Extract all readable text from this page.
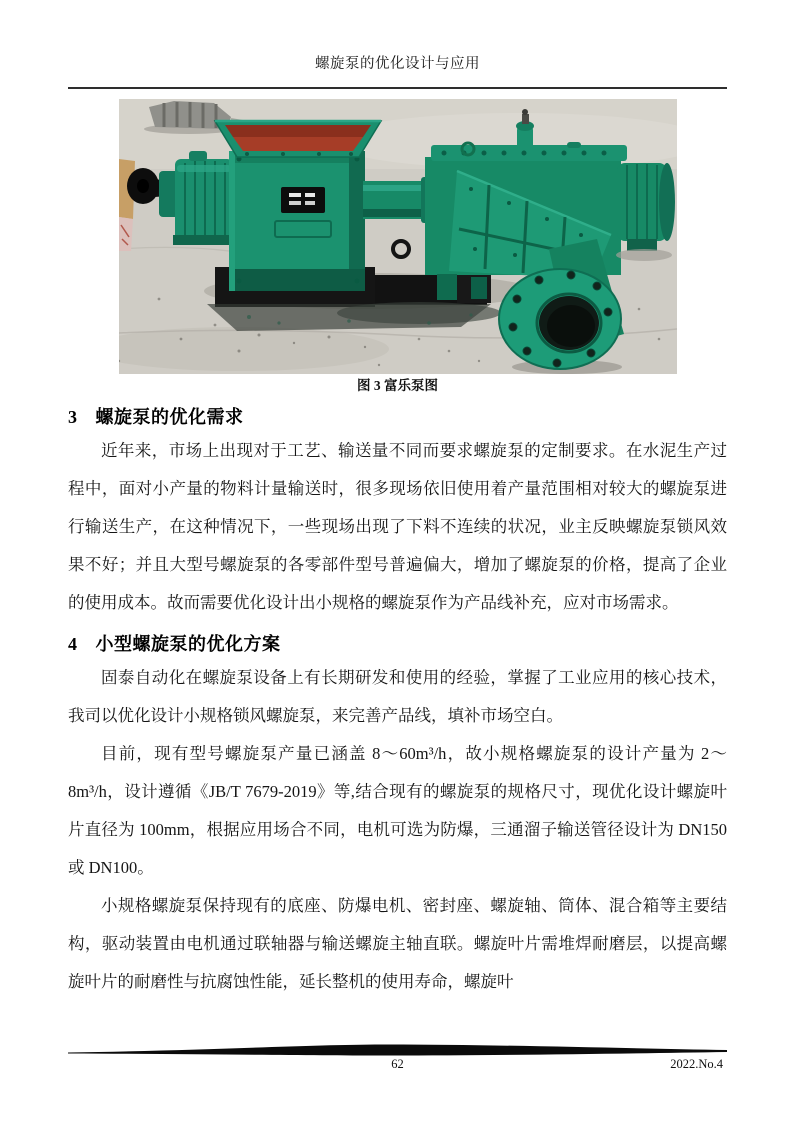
螺旋泵的优化设计与应用
图 3 富乐泵图
3 螺旋泵的优化需求

近年来，市场上出现对于工艺、输送量不同而要求螺旋泵的定制要求。在水泥生产过程中，面对小产量的物料计量输送时，很多现场依旧使用着产量范围相对较大的螺旋泵进行输送生产，在这种情况下，一些现场出现了下料不连续的状况，业主反映螺旋泵锁风效果不好；并且大型号螺旋泵的各零部件型号普遍偏大，增加了螺旋泵的价格，提高了企业的使用成本。故而需要优化设计出小规格的螺旋泵作为产品线补充，应对市场需求。

4 小型螺旋泵的优化方案

固泰自动化在螺旋泵设备上有长期研发和使用的经验，掌握了工业应用的核心技术，我司以优化设计小规格锁风螺旋泵，来完善产品线，填补市场空白。

目前，现有型号螺旋泵产量已涵盖 8～60m³/h，故小规格螺旋泵的设计产量为 2～8m³/h，设计遵循《JB/T 7679-2019》等,结合现有的螺旋泵的规格尺寸，现优化设计螺旋叶片直径为 100mm，根据应用场合不同，电机可选为防爆，三通溜子输送管径设计为 DN150 或 DN100。

小规格螺旋泵保持现有的底座、防爆电机、密封座、螺旋轴、筒体、混合箱等主要结构，驱动装置由电机通过联轴器与输送螺旋主轴直联。螺旋叶片需堆焊耐磨层，以提高螺旋叶片的耐磨性与抗腐蚀性能，延长整机的使用寿命，螺旋叶

62	2022.No.4
